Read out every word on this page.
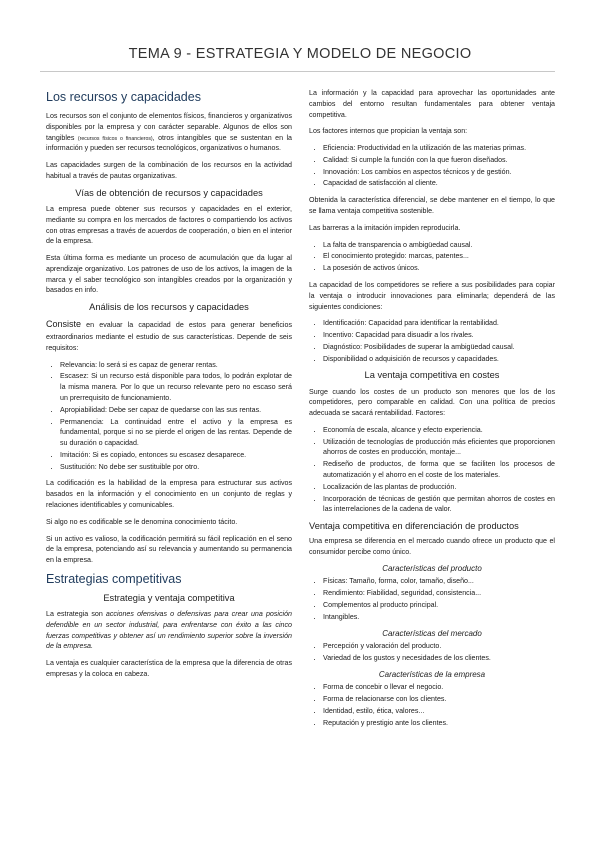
TEMA 9 - ESTRATEGIA Y MODELO DE NEGOCIO
Los recursos y capacidades

Los recursos son el conjunto de elementos físicos, financieros y organizativos disponibles por la empresa y con carácter separable. Algunos de ellos son tangibles (recursos físicos o financieros), otros intangibles que se sustentan en la información y pueden ser recursos tecnológicos, organizativos o humanos.

Las capacidades surgen de la combinación de los recursos en la actividad habitual a través de pautas organizativas.

Vías de obtención de recursos y capacidades

La empresa puede obtener sus recursos y capacidades en el exterior, mediante su compra en los mercados de factores o compartiendo los activos con otras empresas a través de acuerdos de cooperación, o bien en el interior de la empresa.

Esta última forma es mediante un proceso de acumulación que da lugar al aprendizaje organizativo. Los patrones de uso de los activos, la imagen de la marca y el saber tecnológico son intangibles creados por la organización y basados en info.

Análisis de los recursos y capacidades

Consiste en evaluar la capacidad de estos para generar beneficios extraordinarios mediante el estudio de sus características. Depende de seis requisitos:

• Relevancia: lo será si es capaz de generar rentas.
• Escasez: Si un recurso está disponible para todos, lo podrán explotar de la misma manera. Por lo que un recurso relevante pero no escaso será un prerrequisito de funcionamiento.
• Apropiabilidad: Debe ser capaz de quedarse con las sus rentas.
• Permanencia: La continuidad entre el activo y la empresa es fundamental, porque si no se pierde el origen de las rentas. Depende de su duración o capacidad.
• Imitación: Si es copiado, entonces su escasez desaparece.
• Sustitución: No debe ser sustituible por otro.

La codificación es la habilidad de la empresa para estructurar sus activos basados en la información y el conocimiento en un conjunto de reglas y relaciones identificables y comunicables.

Si algo no es codificable se le denomina conocimiento tácito.

Si un activo es valioso, la codificación permitirá su fácil replicación en el seno de la empresa, potenciando así su relevancia y aumentando su permanencia en la empresa.

Estrategias competitivas
Estrategia y ventaja competitiva

La estrategia son acciones ofensivas o defensivas para crear una posición defendible en un sector industrial, para enfrentarse con éxito a las cinco fuerzas competitivas y obtener así un rendimiento superior sobre la inversión de la empresa.

La ventaja es cualquier característica de la empresa que la diferencia de otras empresas y la coloca en cabeza.

La información y la capacidad para aprovechar las oportunidades ante cambios del entorno resultan fundamentales para obtener ventaja competitiva.

Los factores internos que propician la ventaja son:

• Eficiencia: Productividad en la utilización de las materias primas.
• Calidad: Si cumple la función con la que fueron diseñados.
• Innovación: Los cambios en aspectos técnicos y de gestión.
• Capacidad de satisfacción al cliente.

Obtenida la característica diferencial, se debe mantener en el tiempo, lo que se llama ventaja competitiva sostenible.

Las barreras a la imitación impiden reproducirla.

• La falta de transparencia o ambigüedad causal.
• El conocimiento protegido: marcas, patentes...
• La posesión de activos únicos.

La capacidad de los competidores se refiere a sus posibilidades para copiar la ventaja o introducir innovaciones para eliminarla; dependerá de las siguientes condiciones:

• Identificación: Capacidad para identificar la rentabilidad.
• Incentivo: Capacidad para disuadir a los rivales.
• Diagnóstico: Posibilidades de superar la ambigüedad causal.
• Disponibilidad o adquisición de recursos y capacidades.
La ventaja competitiva en costes

Surge cuando los costes de un producto son menores que los de los competidores, pero comparable en calidad. Con una política de precios adecuada se sacará rentabilidad. Factores:

• Economía de escala, alcance y efecto experiencia.
• Utilización de tecnologías de producción más eficientes que proporcionen ahorros de costes en producción, montaje...
• Rediseño de productos, de forma que se faciliten los procesos de automatización y el ahorro en el coste de los materiales.
• Localización de las plantas de producción.
• Incorporación de técnicas de gestión que permitan ahorros de costes en las interrelaciones de la cadena de valor.
Ventaja competitiva en diferenciación de productos

Una empresa se diferencia en el mercado cuando ofrece un producto que el consumidor percibe como único.

Características del producto
• Físicas: Tamaño, forma, color, tamaño, diseño...
• Rendimiento: Fiabilidad, seguridad, consistencia...
• Complementos al producto principal.
• Intangibles.
Características del mercado
• Percepción y valoración del producto.
• Variedad de los gustos y necesidades de los clientes.
Características de la empresa
• Forma de concebir o llevar el negocio.
• Forma de relacionarse con los clientes.
• Identidad, estilo, ética, valores...
• Reputación y prestigio ante los clientes.
